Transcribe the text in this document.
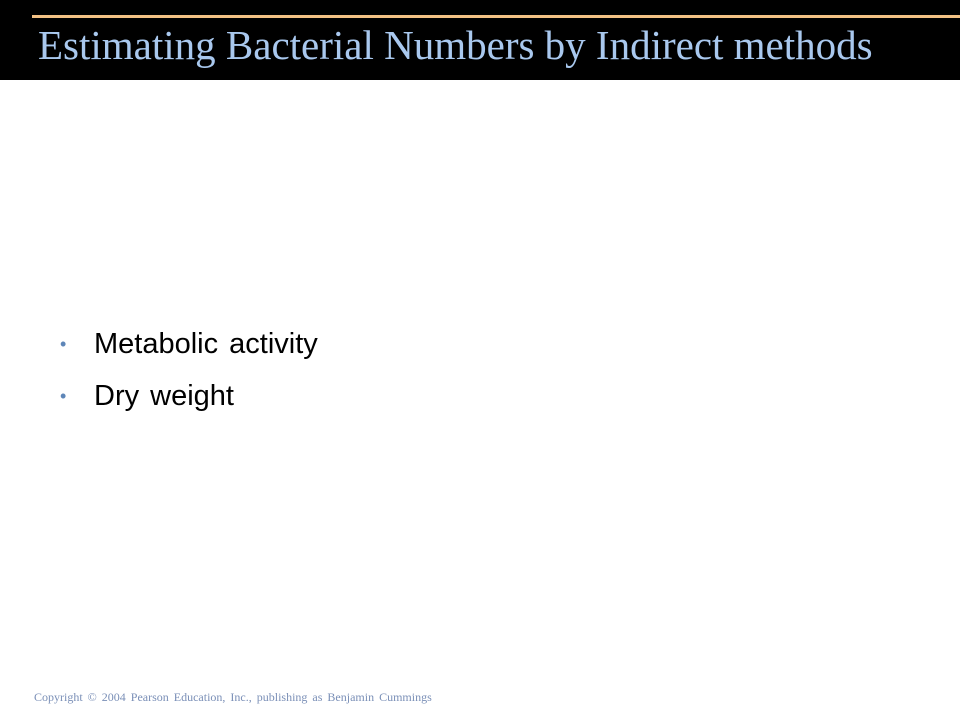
Estimating Bacterial Numbers by Indirect methods
• Metabolic activity
• Dry weight
Copyright © 2004 Pearson Education, Inc., publishing as Benjamin Cummings
